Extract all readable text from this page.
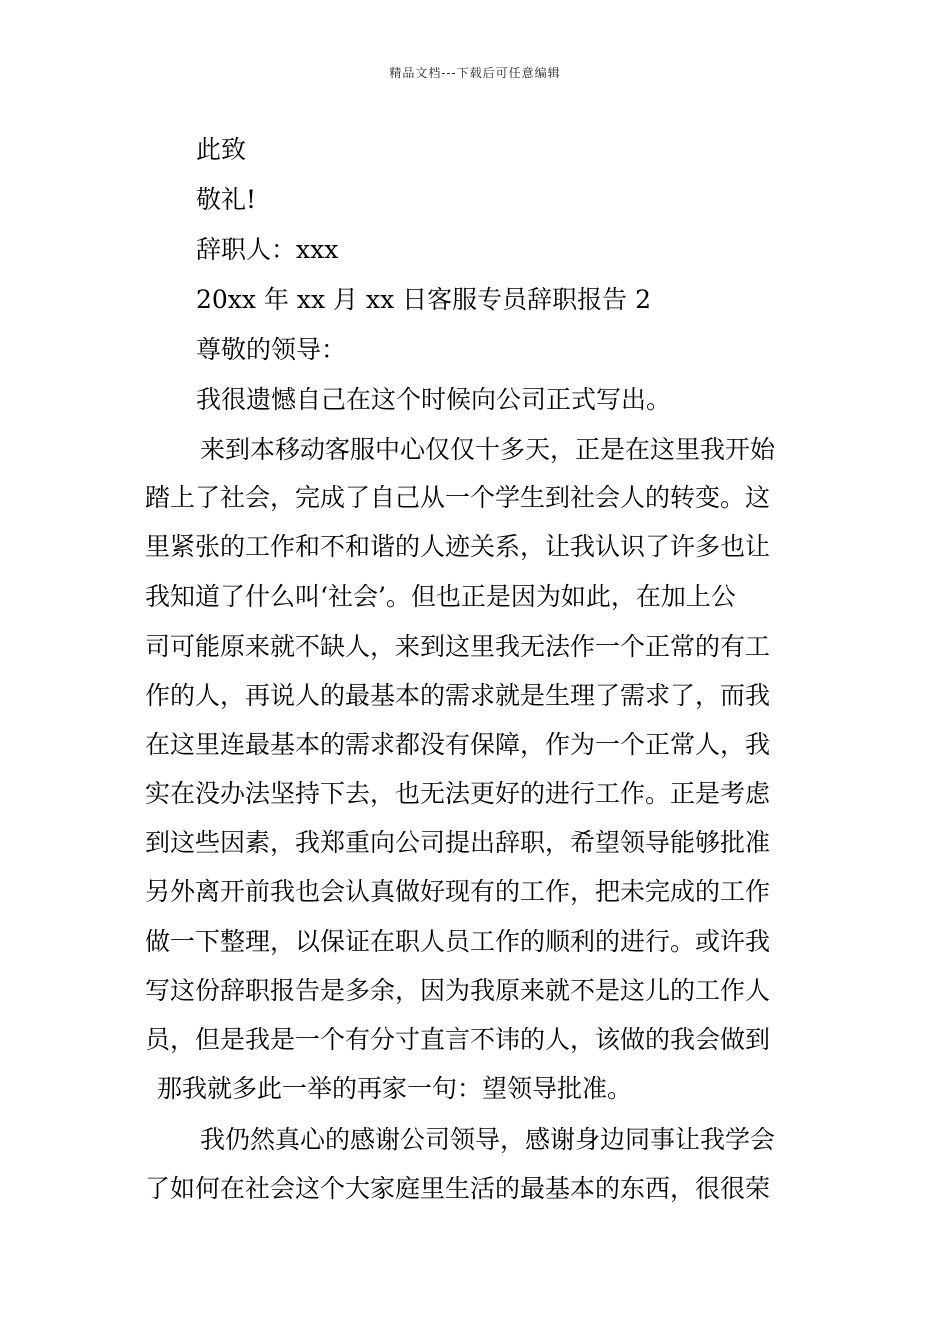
精品文档---下载后可任意编辑
此致
敬礼!
辞职人：xxx
20xx 年 xx 月 xx 日客服专员辞职报告 2
尊敬的领导：
我很遗憾自己在这个时候向公司正式写出。
来到本移动客服中心仅仅十多天，正是在这里我开始
踏上了社会，完成了自己从一个学生到社会人的转变。这
里紧张的工作和不和谐的人迹关系，让我认识了许多也让
我知道了什么叫‘社会’。但也正是因为如此，在加上公
司可能原来就不缺人，来到这里我无法作一个正常的有工
作的人，再说人的最基本的需求就是生理了需求了，而我
在这里连最基本的需求都没有保障，作为一个正常人，我
实在没办法坚持下去，也无法更好的进行工作。正是考虑
到这些因素，我郑重向公司提出辞职，希望领导能够批准
另外离开前我也会认真做好现有的工作，把未完成的工作
做一下整理，以保证在职人员工作的顺利的进行。或许我
写这份辞职报告是多余，因为我原来就不是这儿的工作人
员，但是我是一个有分寸直言不讳的人，该做的我会做到
那我就多此一举的再家一句：望领导批准。
我仍然真心的感谢公司领导，感谢身边同事让我学会
了如何在社会这个大家庭里生活的最基本的东西，很很荣
